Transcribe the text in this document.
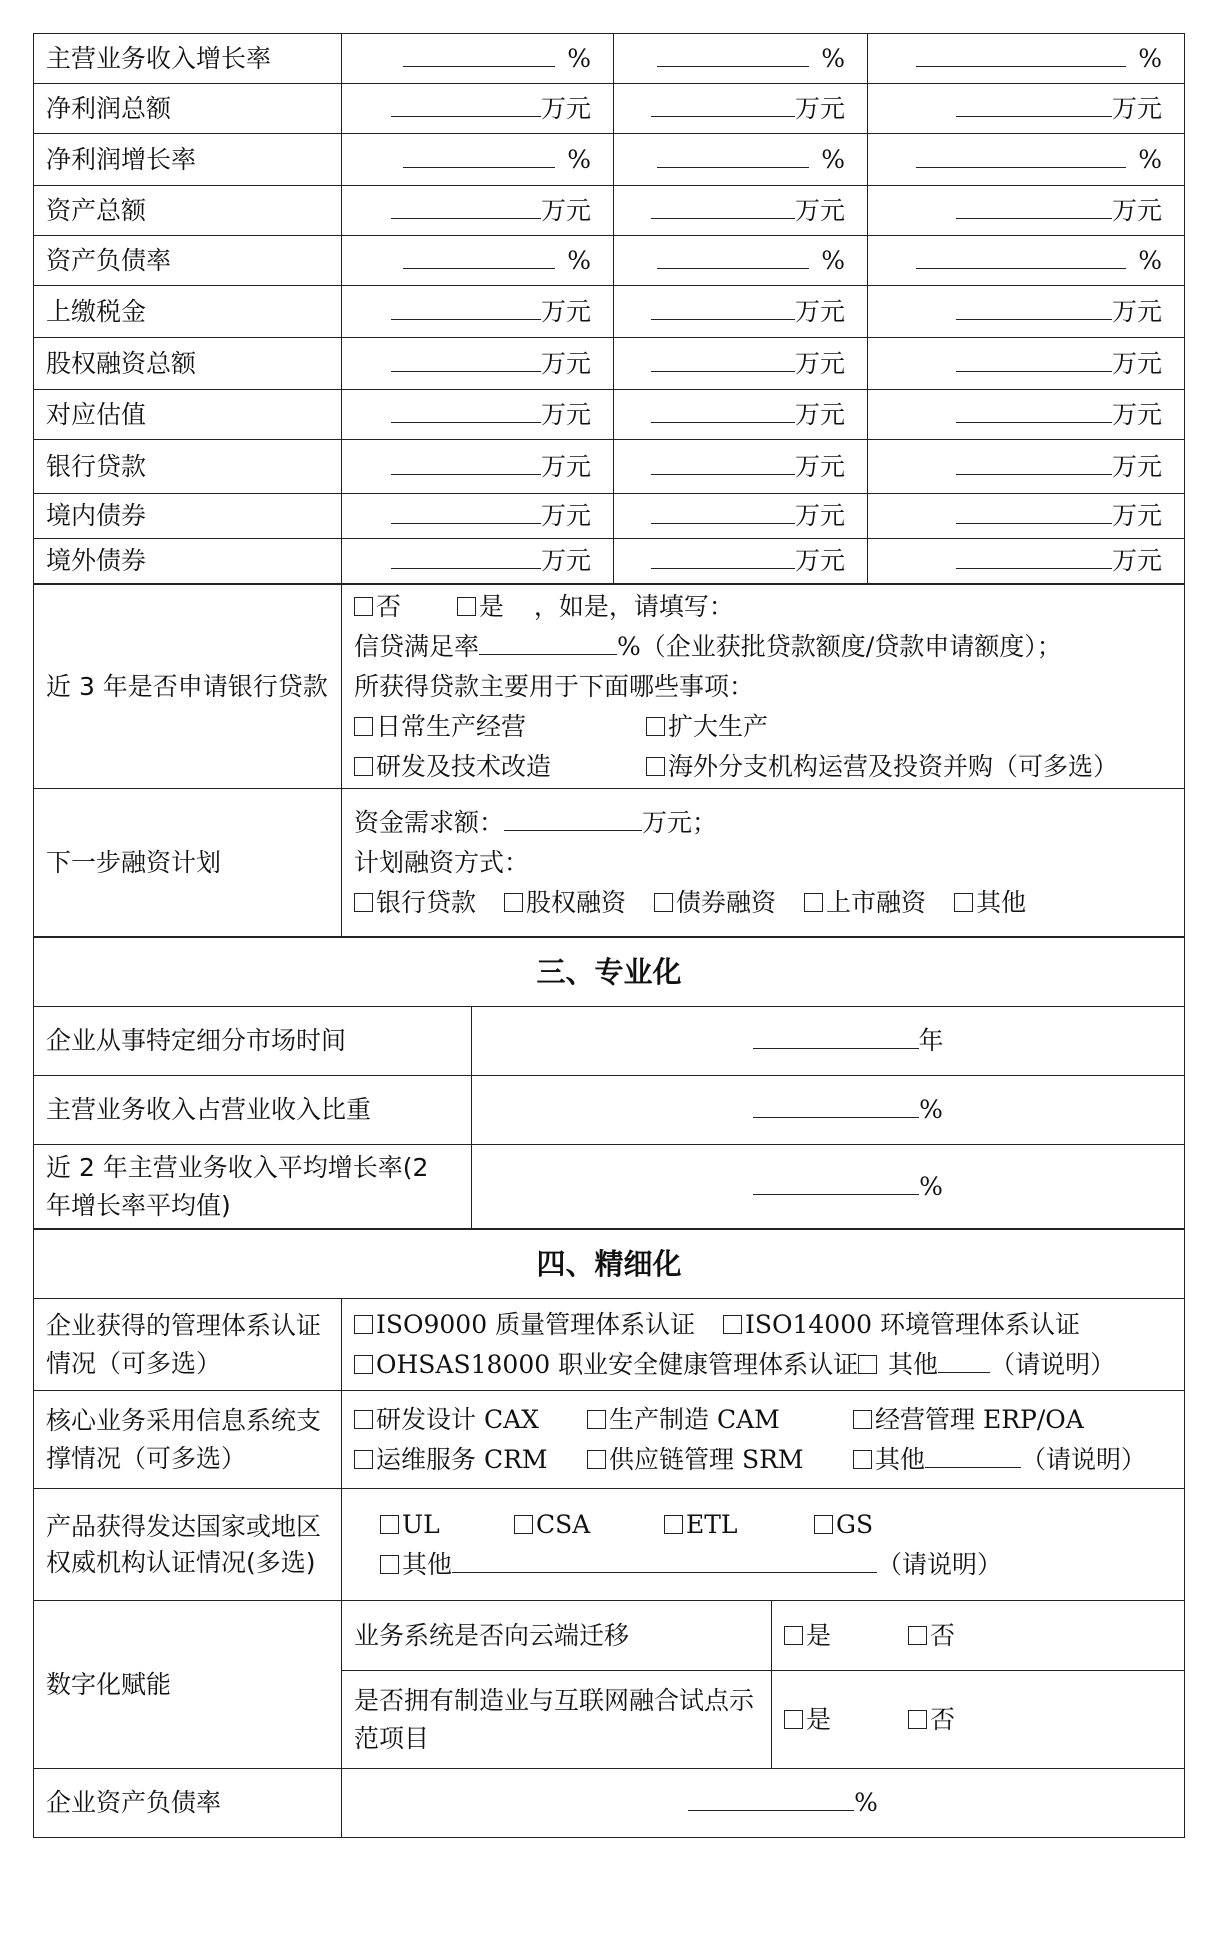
主营业务收入增长率	%	%	%
净利润总额	万元	万元	万元
净利润增长率	%	%	%
资产总额	万元	万元	万元
资产负债率	%	%	%
上缴税金	万元	万元	万元
股权融资总额	万元	万元	万元
对应估值	万元	万元	万元
银行贷款	万元	万元	万元
境内债券	万元	万元	万元
境外债券	万元	万元	万元
近 3 年是否申请银行贷款	否 是 ，如是，请填写：
信贷满足率 %（企业获批贷款额度/贷款申请额度）；
所获得贷款主要用于下面哪些事项：
日常生产经营 扩大生产
研发及技术改造 海外分支机构运营及投资并购（可多选）

下一步融资计划	资金需求额： 万元；
计划融资方式：
银行贷款 股权融资 债券融资 上市融资 其他
三、专业化	
企业从事特定细分市场时间	年
主营业务收入占营业收入比重	%
近 2 年主营业务收入平均增长率(2 年增长率平均值)	%
四、精细化		
企业获得的管理体系认证情况（可多选）	ISO9000 质量管理体系认证 ISO14000 环境管理体系认证
OHSAS18000 职业安全健康管理体系认证 其他 （请说明）	

核心业务采用信息系统支撑情况（可多选）	研发设计 CAX 生产制造 CAM 经营管理 ERP/OA
运维服务 CRM 供应链管理 SRM 其他 （请说明）	

产品获得发达国家或地区权威机构认证情况(多选)	UL CSA ETL GS
其他 （请说明）	

数字化赋能	业务系统是否向云端迁移	是 否
	是否拥有制造业与互联网融合试点示范项目	是 否
企业资产负债率	%	
